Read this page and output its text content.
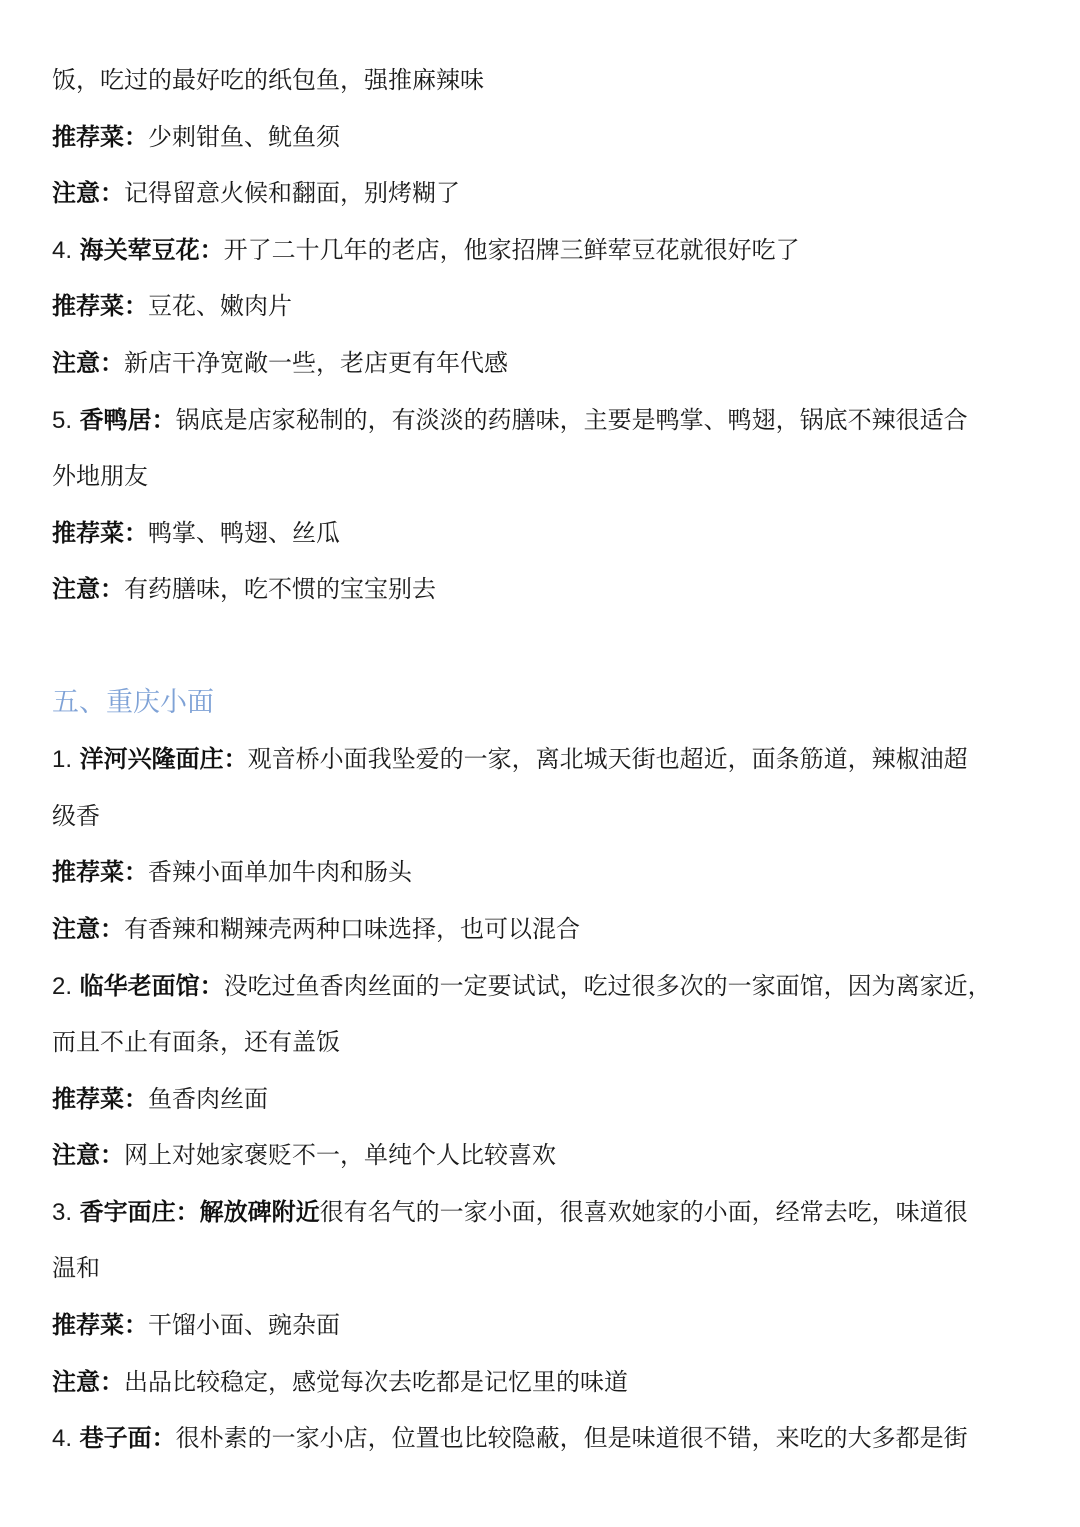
饭，吃过的最好吃的纸包鱼，强推麻辣味
推荐菜：少刺钳鱼、鱿鱼须
注意：记得留意火候和翻面，别烤糊了
4. 海关荤豆花：开了二十几年的老店，他家招牌三鲜荤豆花就很好吃了
推荐菜：豆花、嫩肉片
注意：新店干净宽敞一些，老店更有年代感
5. 香鸭居：锅底是店家秘制的，有淡淡的药膳味，主要是鸭掌、鸭翅，锅底不辣很适合
外地朋友
推荐菜：鸭掌、鸭翅、丝瓜
注意：有药膳味，吃不惯的宝宝别去
五、重庆小面
1. 洋河兴隆面庄：观音桥小面我坠爱的一家，离北城天街也超近，面条筋道，辣椒油超
级香
推荐菜：香辣小面单加牛肉和肠头
注意：有香辣和糊辣壳两种口味选择，也可以混合
2. 临华老面馆：没吃过鱼香肉丝面的一定要试试，吃过很多次的一家面馆，因为离家近，
而且不止有面条，还有盖饭
推荐菜：鱼香肉丝面
注意：网上对她家褒贬不一，单纯个人比较喜欢
3. 香宇面庄：解放碑附近很有名气的一家小面，很喜欢她家的小面，经常去吃，味道很
温和
推荐菜：干馏小面、豌杂面
注意：出品比较稳定，感觉每次去吃都是记忆里的味道
4. 巷子面：很朴素的一家小店，位置也比较隐蔽，但是味道很不错，来吃的大多都是街
